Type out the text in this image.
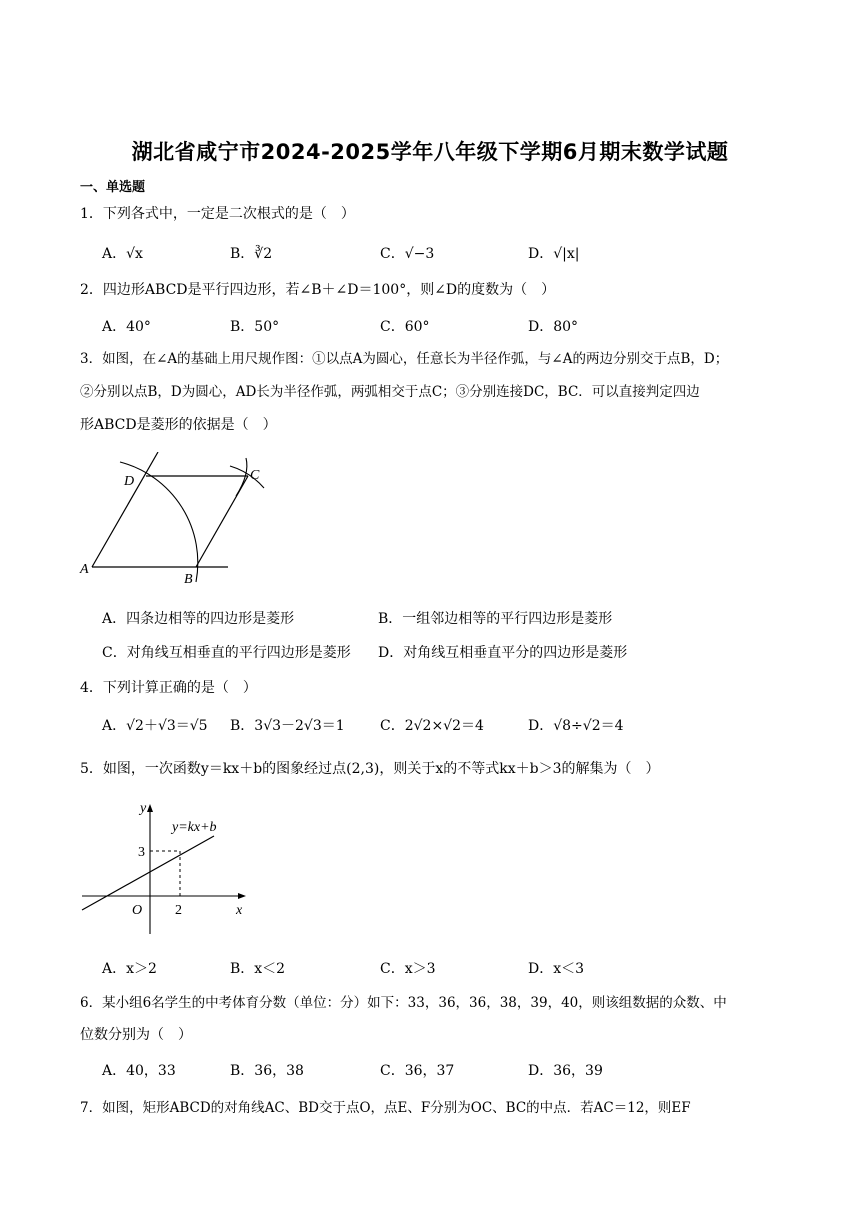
湖北省咸宁市2024-2025学年八年级下学期6月期末数学试题
一、单选题
1．下列各式中，一定是二次根式的是（　）
A．√x	B．∛2	C．√−3	D．√|x|
2．四边形ABCD是平行四边形，若∠B＋∠D＝100°，则∠D的度数为（　）
A．40°	B．50°	C．60°	D．80°
3．如图，在∠A的基础上用尺规作图：①以点A为圆心，任意长为半径作弧，与∠A的两边分别交于点B，D；
②分别以点B，D为圆心，AD长为半径作弧，两弧相交于点C；③分别连接DC，BC．可以直接判定四边
形ABCD是菱形的依据是（　）
D	C
A
B
A．四条边相等的四边形是菱形	B．一组邻边相等的平行四边形是菱形
C．对角线互相垂直的平行四边形是菱形 D．对角线互相垂直平分的四边形是菱形
4．下列计算正确的是（　）
A．√2＋√3＝√5 B．3√3－2√3＝1	C．2√2×√2＝4	D．√8÷√2＝4
5．如图，一次函数y＝kx＋b的图象经过点(2,3)，则关于x的不等式kx＋b＞3的解集为（　）
y
x
O
y=kx+b
3
2
A．x＞2	B．x＜2	C．x＞3	D．x＜3
6．某小组6名学生的中考体育分数（单位：分）如下：33，36，36，38，39，40，则该组数据的众数、中
位数分别为（　）
A．40，33	B．36，38	C．36，37	D．36，39
7．如图，矩形ABCD的对角线AC、BD交于点O，点E、F分别为OC、BC的中点．若AC＝12，则EF
